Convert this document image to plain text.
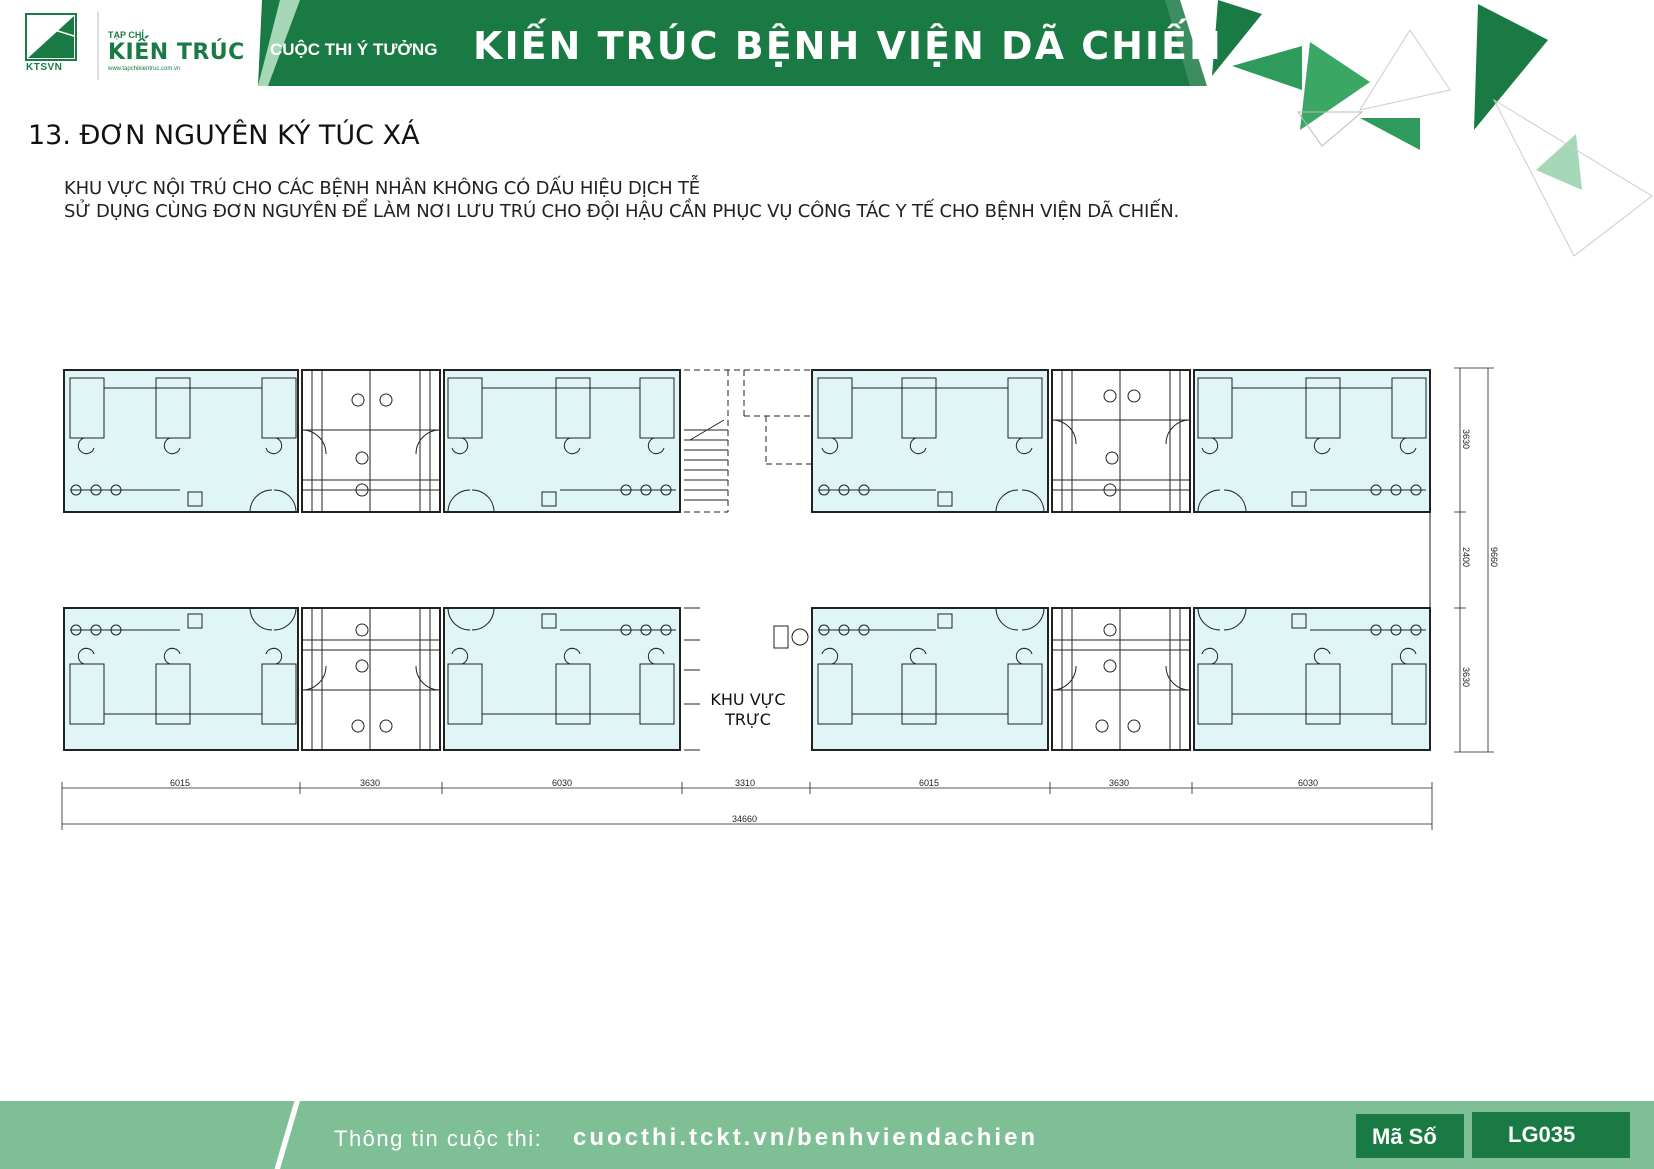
KTSVN
TẠP CHÍ
KIẾN TRÚC
www.tapchikientruc.com.vn
CUỘC THI Ý TƯỞNG KIẾN TRÚC BỆNH VIỆN DÃ CHIẾN
13. ĐƠN NGUYÊN KÝ TÚC XÁ
KHU VỰC NỘI TRÚ CHO CÁC BỆNH NHÂN KHÔNG CÓ DẤU HIỆU DỊCH TỄ
SỬ DỤNG CÙNG ĐƠN NGUYÊN ĐỂ LÀM NƠI LƯU TRÚ CHO ĐỘI HẬU CẦN PHỤC VỤ CÔNG TÁC Y TẾ CHO BỆNH VIỆN DÃ CHIẾN.
6015	3630	6030	3310	6015	3630	6030
34660
3630
2400
3630
9660
KHU VỰC
TRỰC
Thông tin cuộc thi: cuocthi.tckt.vn/benhviendachien	Mã Số	LG035
